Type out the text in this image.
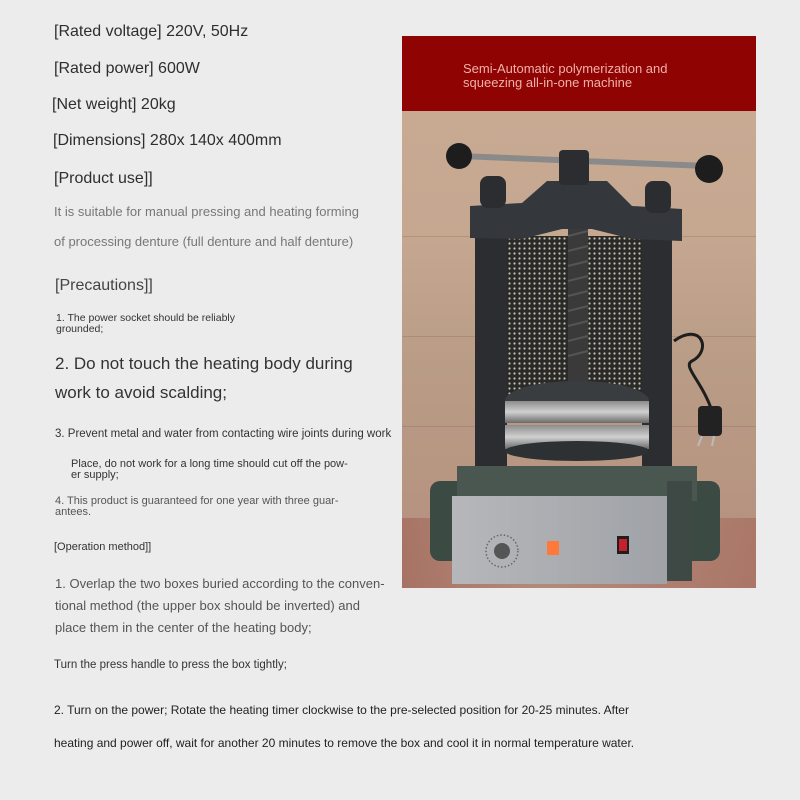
[Rated voltage] 220V, 50Hz

[Rated power] 600W

[Net weight] 20kg

[Dimensions] 280x 140x 400mm

[Product use]]

It is suitable for manual pressing and heating forming

of processing denture (full denture and half denture)

[Precautions]]

1. The power socket should be reliably grounded;

2. Do not touch the heating body during work to avoid scalding;

3. Prevent metal and water from contacting wire joints during work

Place, do not work for a long time should cut off the pow-er supply;

4. This product is guaranteed for one year with three guar-antees.

[Operation method]]

1. Overlap the two boxes buried according to the conven-tional method (the upper box should be inverted) and place them in the center of the heating body;

Turn the press handle to press the box tightly;

2. Turn on the power; Rotate the heating timer clockwise to the pre-selected position for 20-25 minutes. After

heating and power off, wait for another 20 minutes to remove the box and cool it in normal temperature water.

Semi-Automatic polymerization and
squeezing all-in-one machine
